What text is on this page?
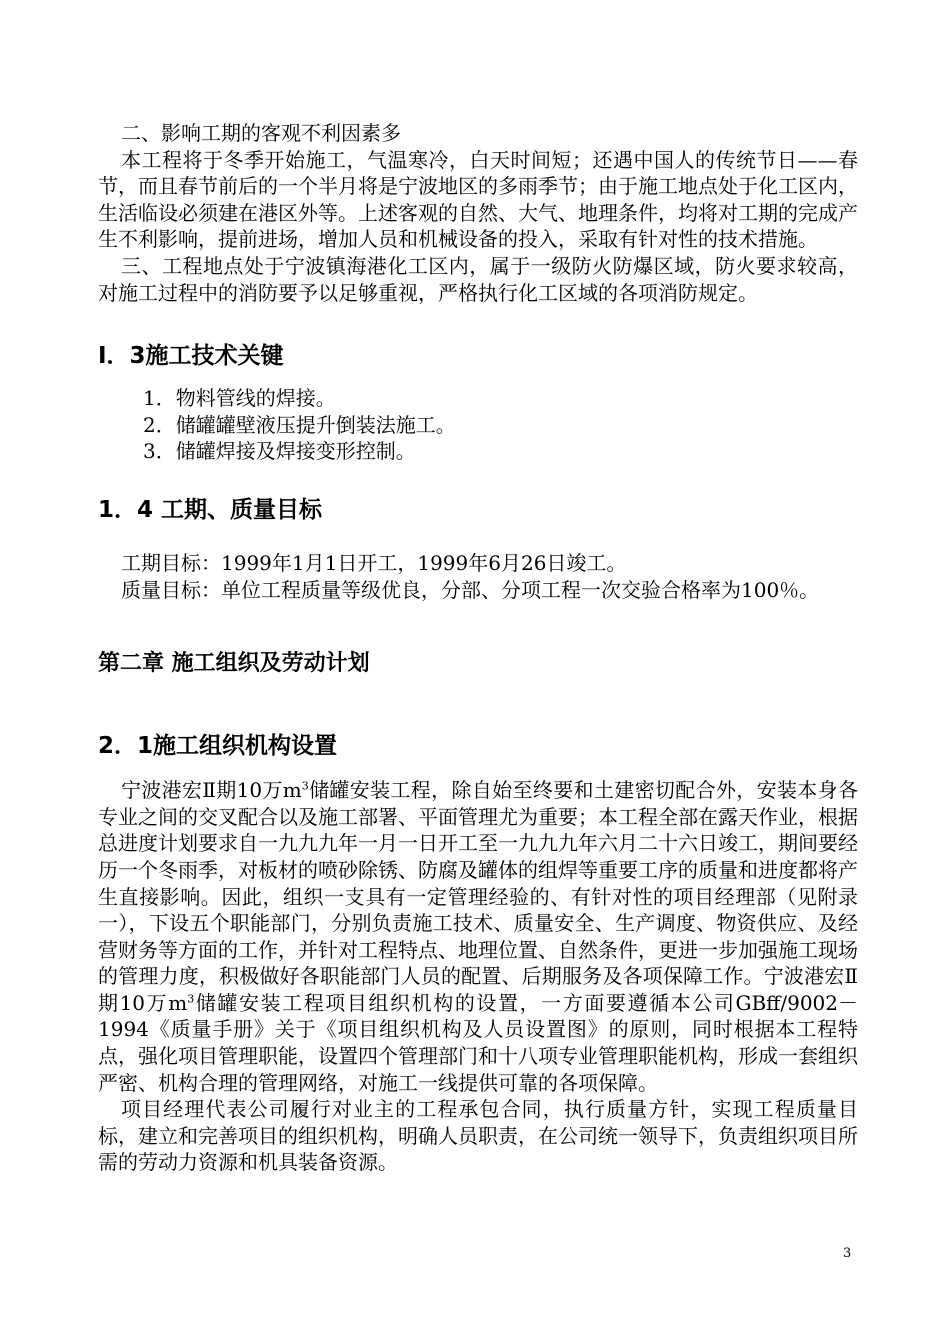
二、影响工期的客观不利因素多

本工程将于冬季开始施工，气温寒冷，白天时间短；还遇中国人的传统节日——春节，而且春节前后的一个半月将是宁波地区的多雨季节；由于施工地点处于化工区内，生活临设必须建在港区外等。上述客观的自然、大气、地理条件，均将对工期的完成产生不利影响，提前进场，增加人员和机械设备的投入，采取有针对性的技术措施。

三、工程地点处于宁波镇海港化工区内，属于一级防火防爆区域，防火要求较高，对施工过程中的消防要予以足够重视，严格执行化工区域的各项消防规定。

I．3施工技术关键
1．物料管线的焊接。
2．储罐罐壁液压提升倒装法施工。
3．储罐焊接及焊接变形控制。
1．4 工期、质量目标

工期目标：1999年1月1日开工，1999年6月26日竣工。

质量目标：单位工程质量等级优良，分部、分项工程一次交验合格率为100％。

第二章 施工组织及劳动计划
2．1施工组织机构设置

宁波港宏Ⅱ期10万$m^3$储罐安装工程，除自始至终要和土建密切配合外，安装本身各专业之间的交叉配合以及施工部署、平面管理尤为重要；本工程全部在露天作业，根据总进度计划要求自一九九九年一月一日开工至一九九九年六月二十六日竣工，期间要经历一个冬雨季，对板材的喷砂除锈、防腐及罐体的组焊等重要工序的质量和进度都将产生直接影响。因此，组织一支具有一定管理经验的、有针对性的项目经理部（见附录一），下设五个职能部门，分别负责施工技术、质量安全、生产调度、物资供应、及经营财务等方面的工作，并针对工程特点、地理位置、自然条件，更进一步加强施工现场的管理力度，积极做好各职能部门人员的配置、后期服务及各项保障工作。宁波港宏Ⅱ期10万$m^3$储罐安装工程项目组织机构的设置，一方面要遵循本公司GBff/9002－1994《质量手册》关于《项目组织机构及人员设置图》的原则，同时根据本工程特点，强化项目管理职能，设置四个管理部门和十八项专业管理职能机构，形成一套组织严密、机构合理的管理网络，对施工一线提供可靠的各项保障。

项目经理代表公司履行对业主的工程承包合同，执行质量方针，实现工程质量目标，建立和完善项目的组织机构，明确人员职责，在公司统一领导下，负责组织项目所需的劳动力资源和机具装备资源。

3
